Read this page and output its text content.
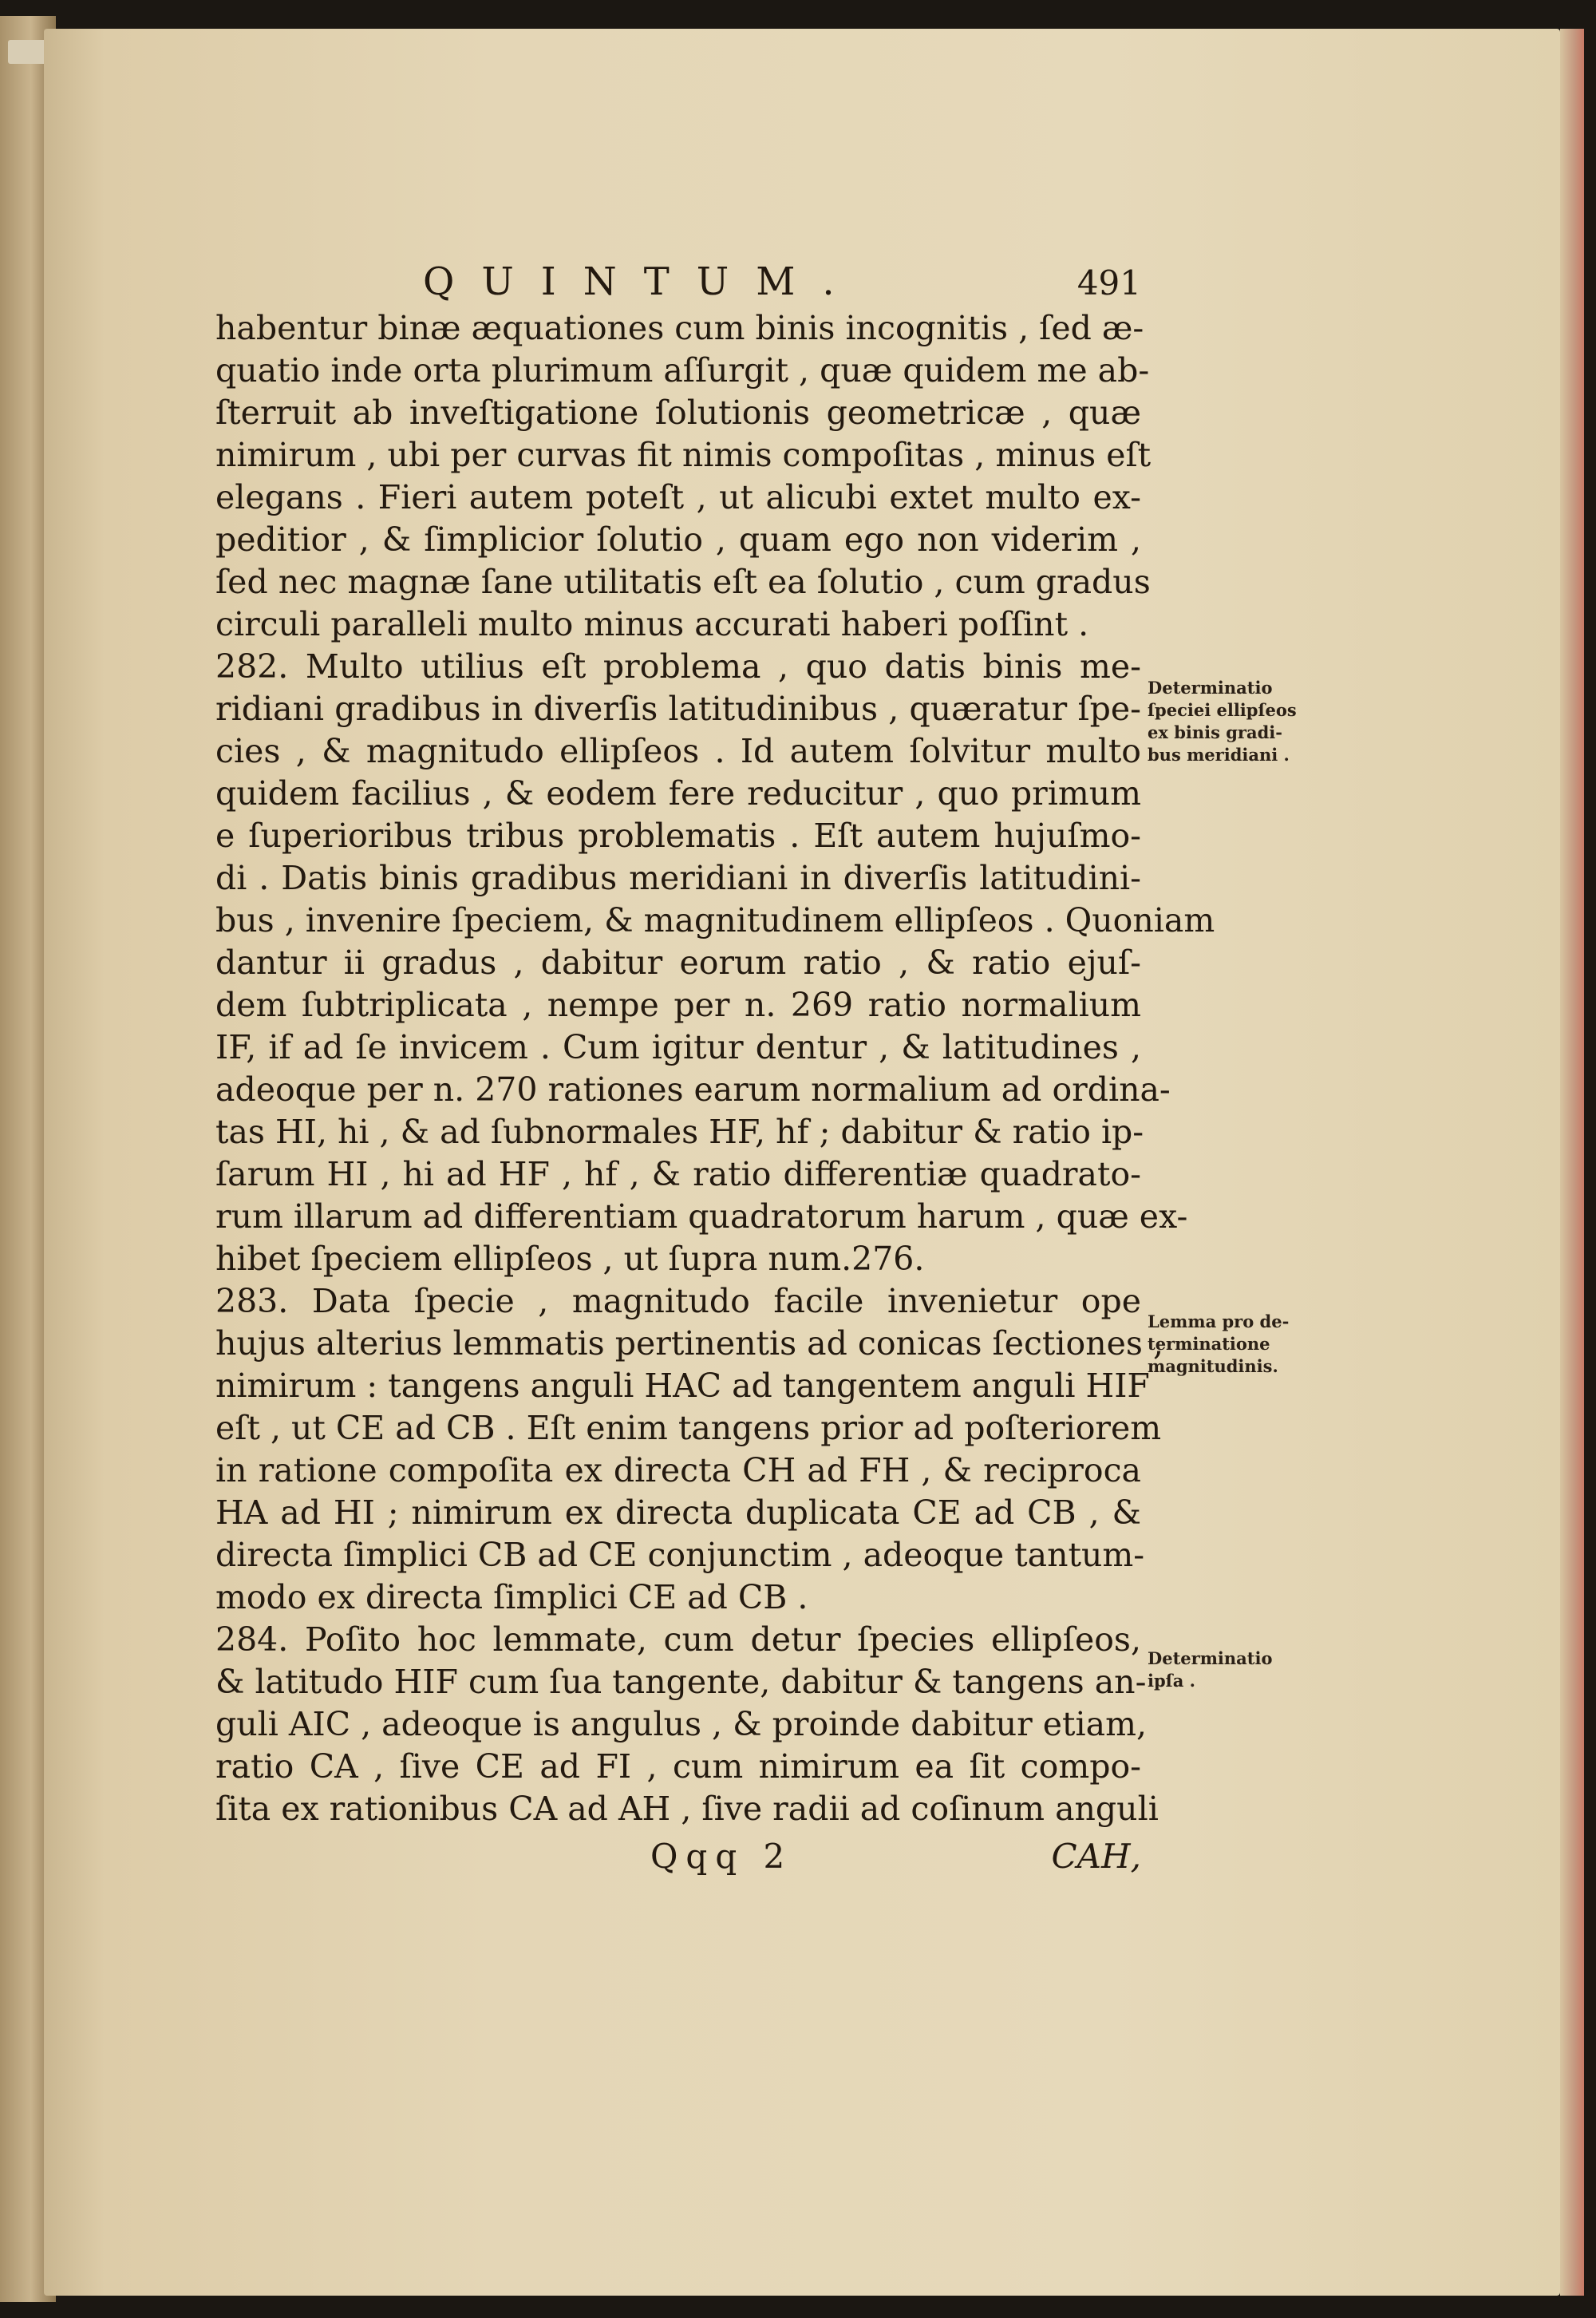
QUINTUM.	491
habentur binæ æquationes cum binis incognitis , ſed æ-
quatio inde orta plurimum aſſurgit , quæ quidem me ab-
ſterruit ab inveſtigatione ſolutionis geometricæ , quæ
nimirum , ubi per curvas fit nimis compoſitas , minus eſt
elegans . Fieri autem poteſt , ut alicubi extet multo ex-
peditior , & ſimplicior ſolutio , quam ego non viderim ,
ſed nec magnæ ſane utilitatis eſt ea ſolutio , cum gradus
circuli paralleli multo minus accurati haberi poſſint .
282. Multo utilius eſt problema , quo datis binis me-
ridiani gradibus in diverſis latitudinibus , quæratur ſpe-
cies , & magnitudo ellipſeos . Id autem ſolvitur multo
quidem facilius , & eodem fere reducitur , quo primum
e ſuperioribus tribus problematis . Eſt autem hujuſmo-
di . Datis binis gradibus meridiani in diverſis latitudini-
bus , invenire ſpeciem, & magnitudinem ellipſeos . Quoniam
dantur ii gradus , dabitur eorum ratio , & ratio ejuſ-
dem ſubtriplicata , nempe per n. 269 ratio normalium
IF, if ad ſe invicem . Cum igitur dentur , & latitudines ,
adeoque per n. 270 rationes earum normalium ad ordina-
tas HI, hi , & ad ſubnormales HF, hf ; dabitur & ratio ip-
ſarum HI , hi ad HF , hf , & ratio differentiæ quadrato-
rum illarum ad differentiam quadratorum harum , quæ ex-
hibet ſpeciem ellipſeos , ut ſupra num.276.
283. Data ſpecie , magnitudo facile invenietur ope
hujus alterius lemmatis pertinentis ad conicas ſectiones ,
nimirum : tangens anguli HAC ad tangentem anguli HIF
eſt , ut CE ad CB . Eſt enim tangens prior ad poſteriorem
in ratione compoſita ex directa CH ad FH , & reciproca
HA ad HI ; nimirum ex directa duplicata CE ad CB , &
directa ſimplici CB ad CE conjunctim , adeoque tantum-
modo ex directa ſimplici CE ad CB .
284. Poſito hoc lemmate, cum detur ſpecies ellipſeos,
& latitudo HIF cum ſua tangente, dabitur & tangens an-
guli AIC , adeoque is angulus , & proinde dabitur etiam,
ratio CA , ſive CE ad FI , cum nimirum ea ſit compo-
ſita ex rationibus CA ad AH , ſive radii ad coſinum anguli
Qqq 2	CAH,
Determinatio
ſpeciei ellipſeos
ex binis gradi-
bus meridiani .
Lemma pro de-
terminatione
magnitudinis.
Determinatio
ipſa .
